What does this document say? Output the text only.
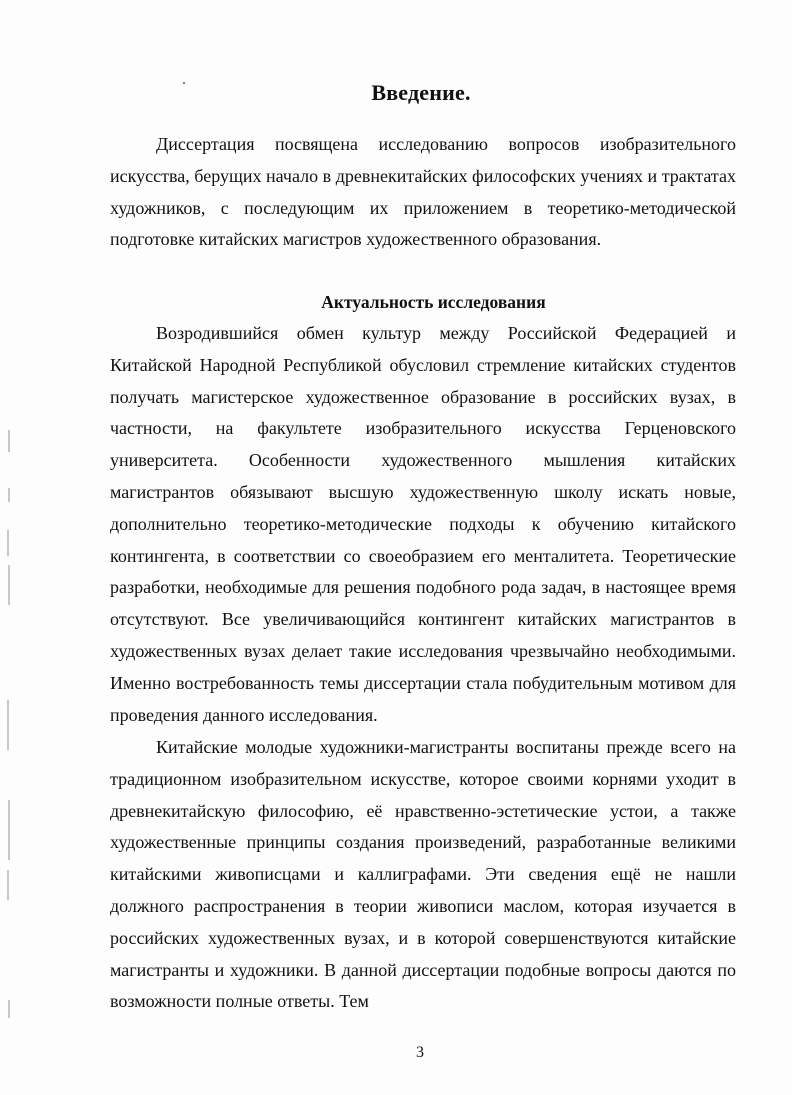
Введение.

Диссертация посвящена исследованию вопросов изобразительного искусства, берущих начало в древнекитайских философских учениях и трактатах художников, с последующим их приложением в теоретико-методической подготовке китайских магистров художественного образования.

Актуальность исследования

Возродившийся обмен культур между Российской Федерацией и Китайской Народной Республикой обусловил стремление китайских студентов получать магистерское художественное образование в российских вузах, в частности, на факультете изобразительного искусства Герценовского университета. Особенности художественного мышления китайских магистрантов обязывают высшую художественную школу искать новые, дополнительно теоретико-методические подходы к обучению китайского контингента, в соответствии со своеобразием его менталитета. Теоретические разработки, необходимые для решения подобного рода задач, в настоящее время отсутствуют. Все увеличивающийся контингент китайских магистрантов в художественных вузах делает такие исследования чрезвычайно необходимыми. Именно востребованность темы диссертации стала побудительным мотивом для проведения данного исследования.

Китайские молодые художники-магистранты воспитаны прежде всего на традиционном изобразительном искусстве, которое своими корнями уходит в древнекитайскую философию, её нравственно-эстетические устои, а также художественные принципы создания произведений, разработанные великими китайскими живописцами и каллиграфами. Эти сведения ещё не нашли должного распространения в теории живописи маслом, которая изучается в российских художественных вузах, и в которой совершенствуются китайские магистранты и художники. В данной диссертации подобные вопросы даются по возможности полные ответы. Тем

3
